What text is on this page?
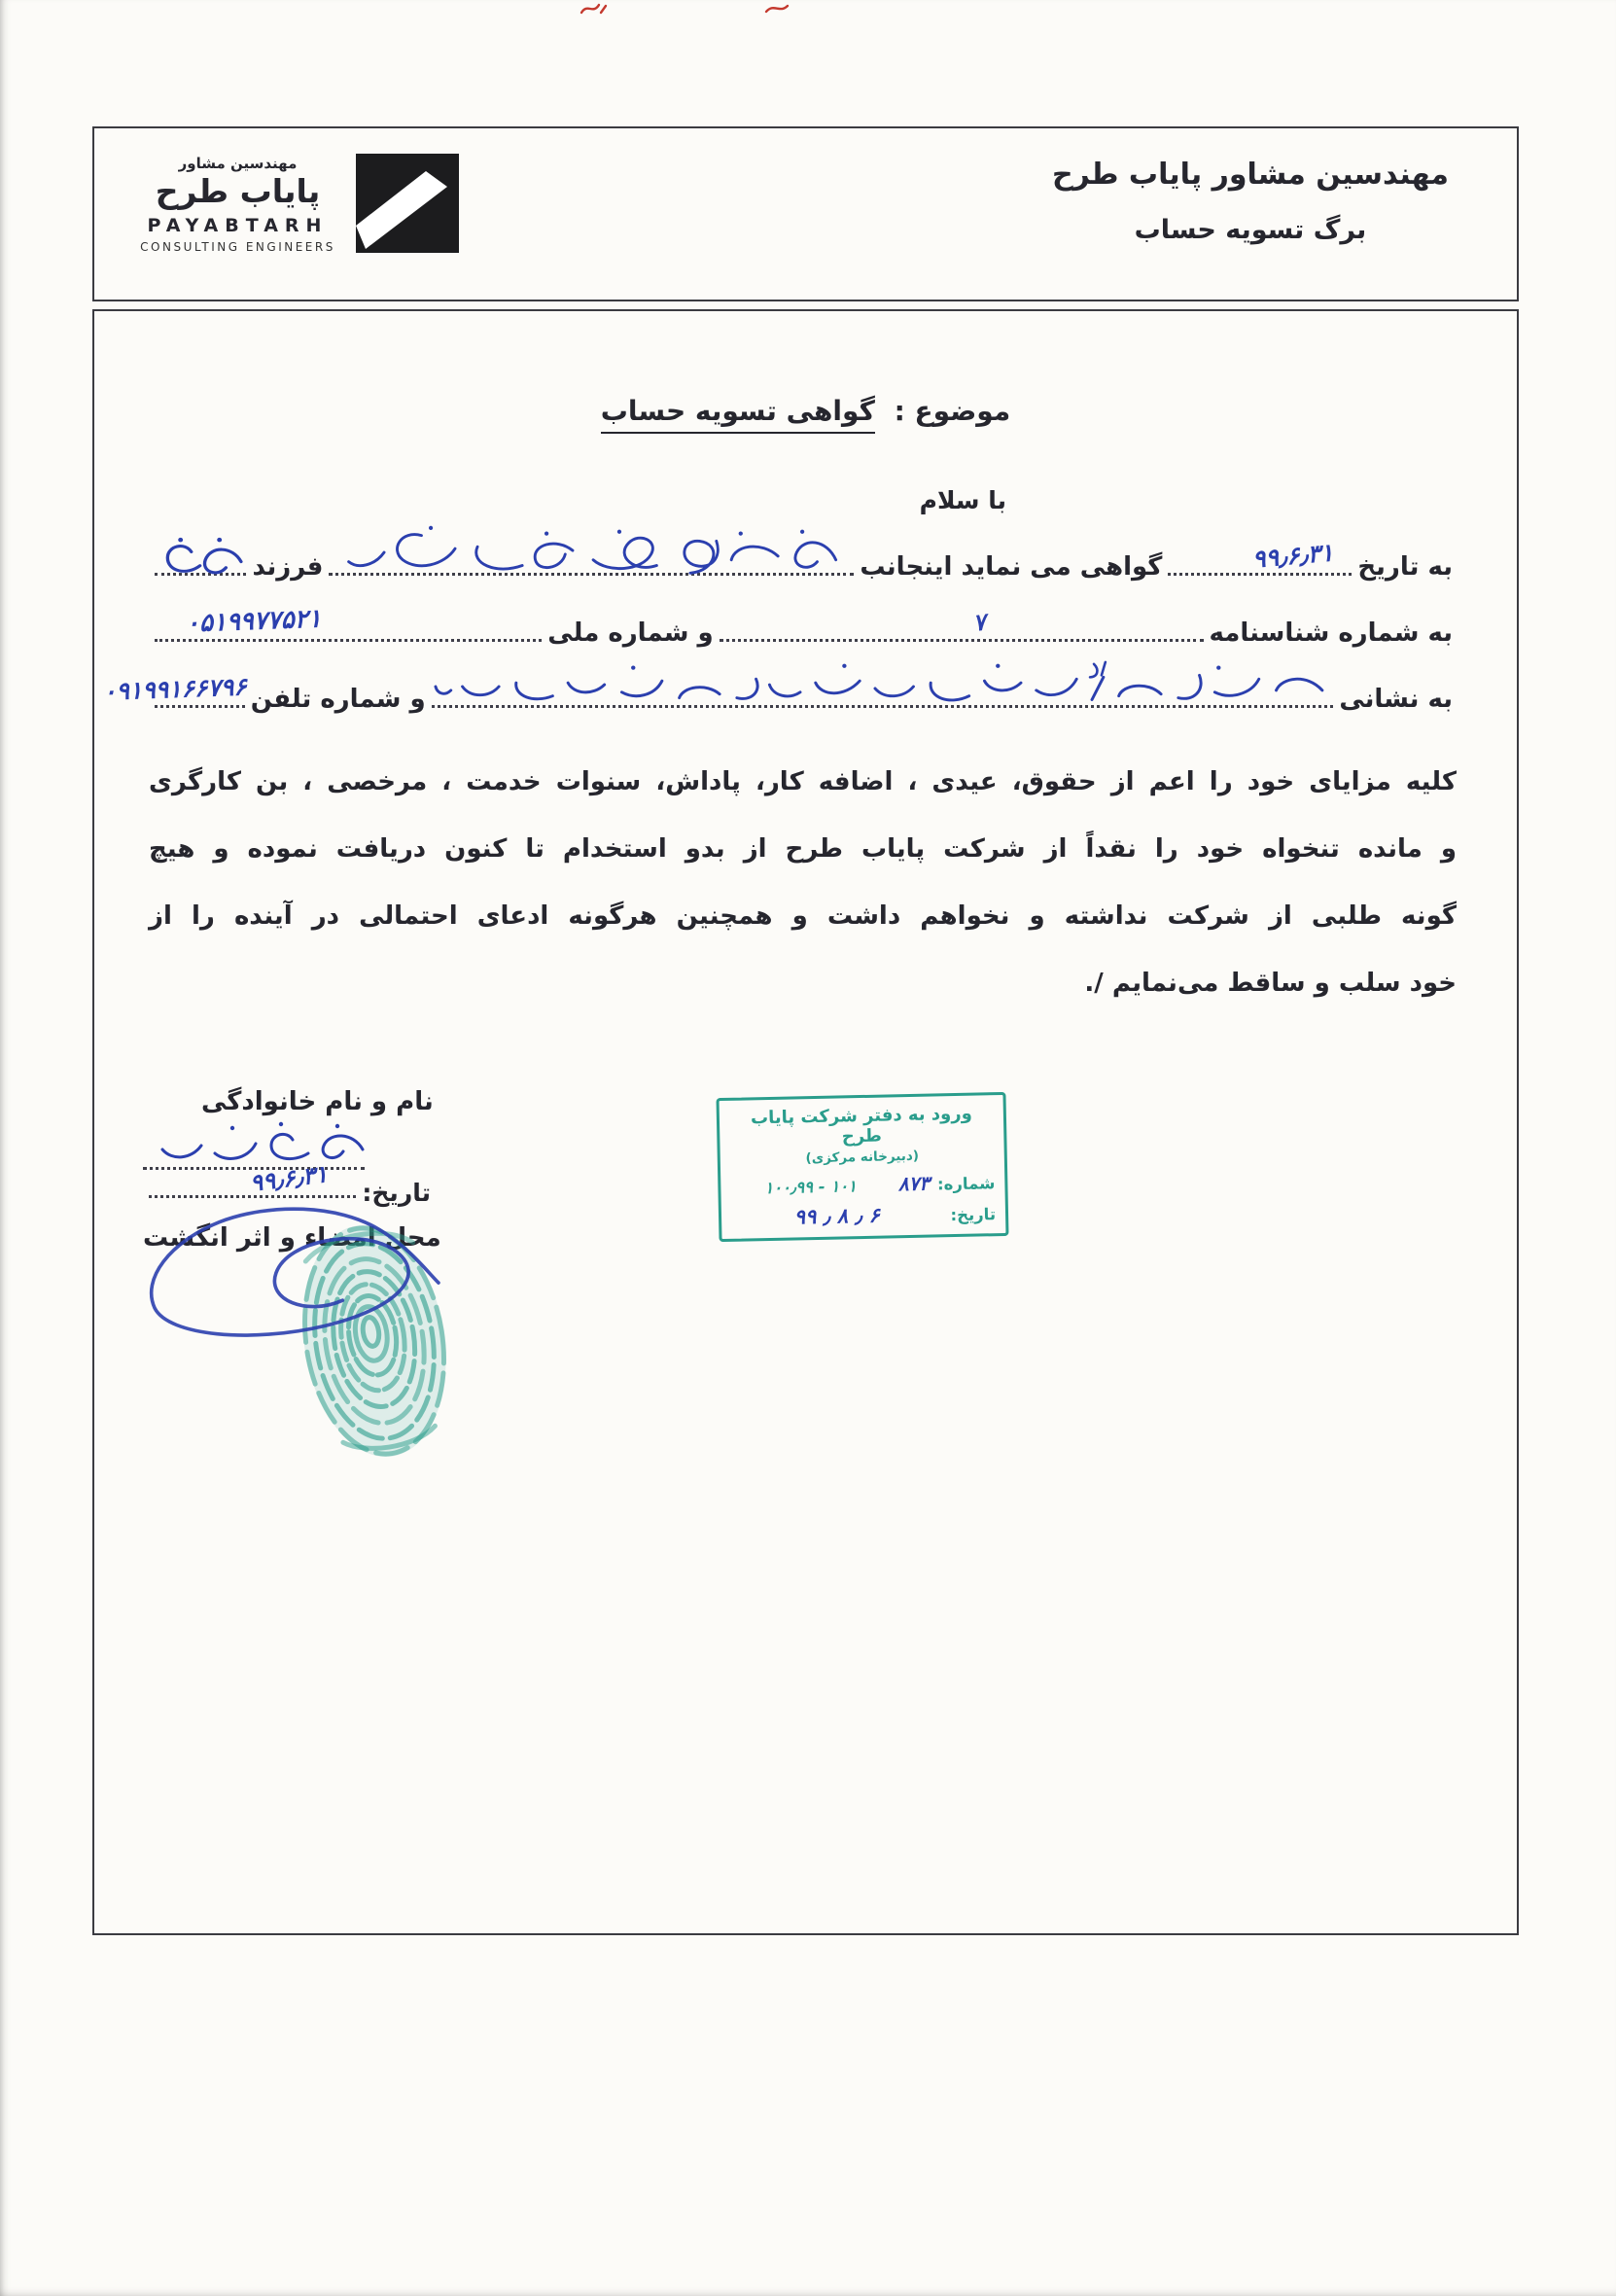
مهندسین مشاور
پایاب طرح
PAYABTARH
CONSULTING ENGINEERS
مهندسین مشاور پایاب طرح
برگ تسویه حساب
موضوع : گواهی تسویه حساب
با سلام
به تاریخ
۹۹٫۶٫۳۱
گواهی می نماید اینجانب
فرزند
به شماره شناسنامه
۷
و شماره ملی
۰۵۱۹۹۷۷۵۲۱
به نشانی
و شماره تلفن
۰۹۱۹۹۱۶۶۷۹۶
کلیه مزایای خود را اعم از حقوق، عیدی ، اضافه کار، پاداش، سنوات خدمت ، مرخصی ، بن کارگری
و مانده تنخواه خود را نقداً از شرکت پایاب طرح از بدو استخدام تا کنون دریافت نموده و هیچ
گونه طلبی از شرکت نداشته و نخواهم داشت و همچنین هرگونه ادعای احتمالی در آینده را از
خود سلب و ساقط می‌نمایم /.
نام و نام خانوادگی
تاریخ:
۹۹٫۶٫۳۱
محل امضاء و اثر انگشت
ورود به دفتر شرکت پایاب طرح
(دبیرخانه مرکزی)
شماره:
۸۷۳
۱۰۰٫۹۹ - ۱۰۱
تاریخ:
۹۹ ٫ ۸ ٫ ۶
